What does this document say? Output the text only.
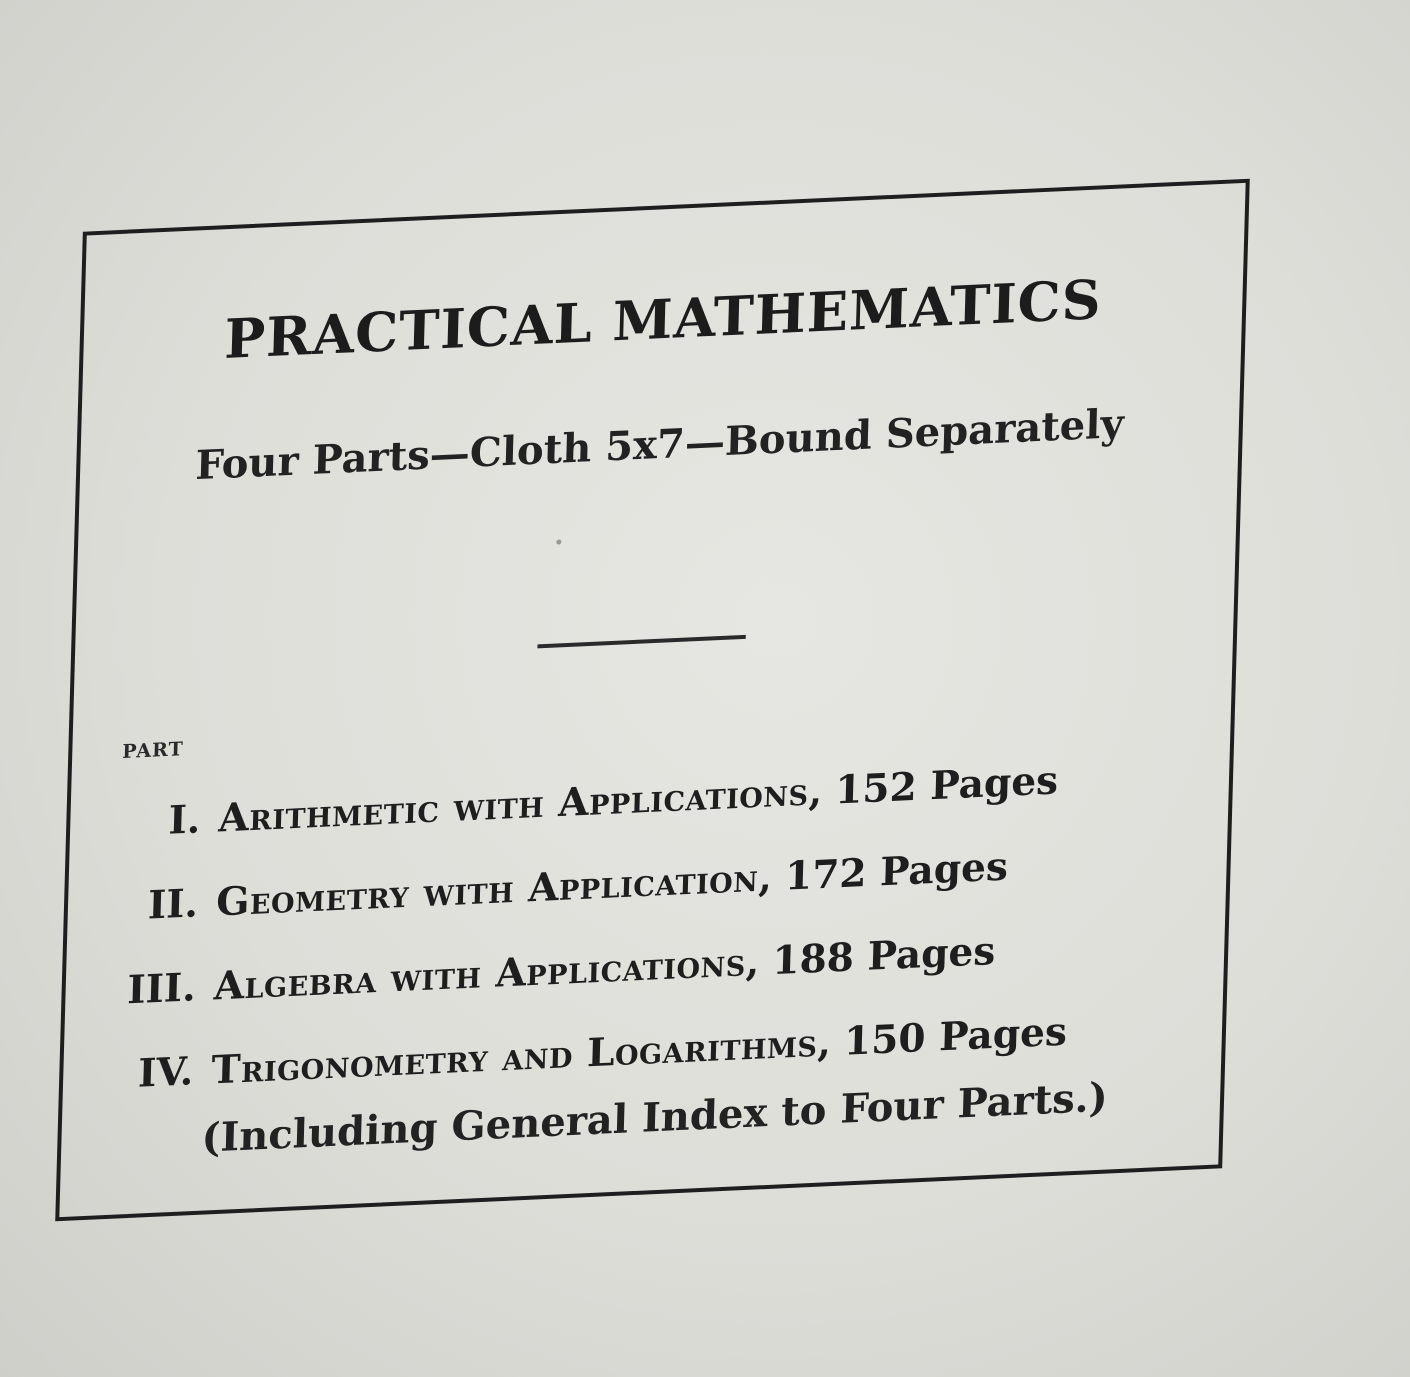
PRACTICAL MATHEMATICS
Four Parts—Cloth 5x7—Bound Separately
PART
I. Arithmetic with Applications, 152 Pages
II. Geometry with Application, 172 Pages
III. Algebra with Applications, 188 Pages
IV. Trigonometry and Logarithms, 150 Pages
(Including General Index to Four Parts.)
